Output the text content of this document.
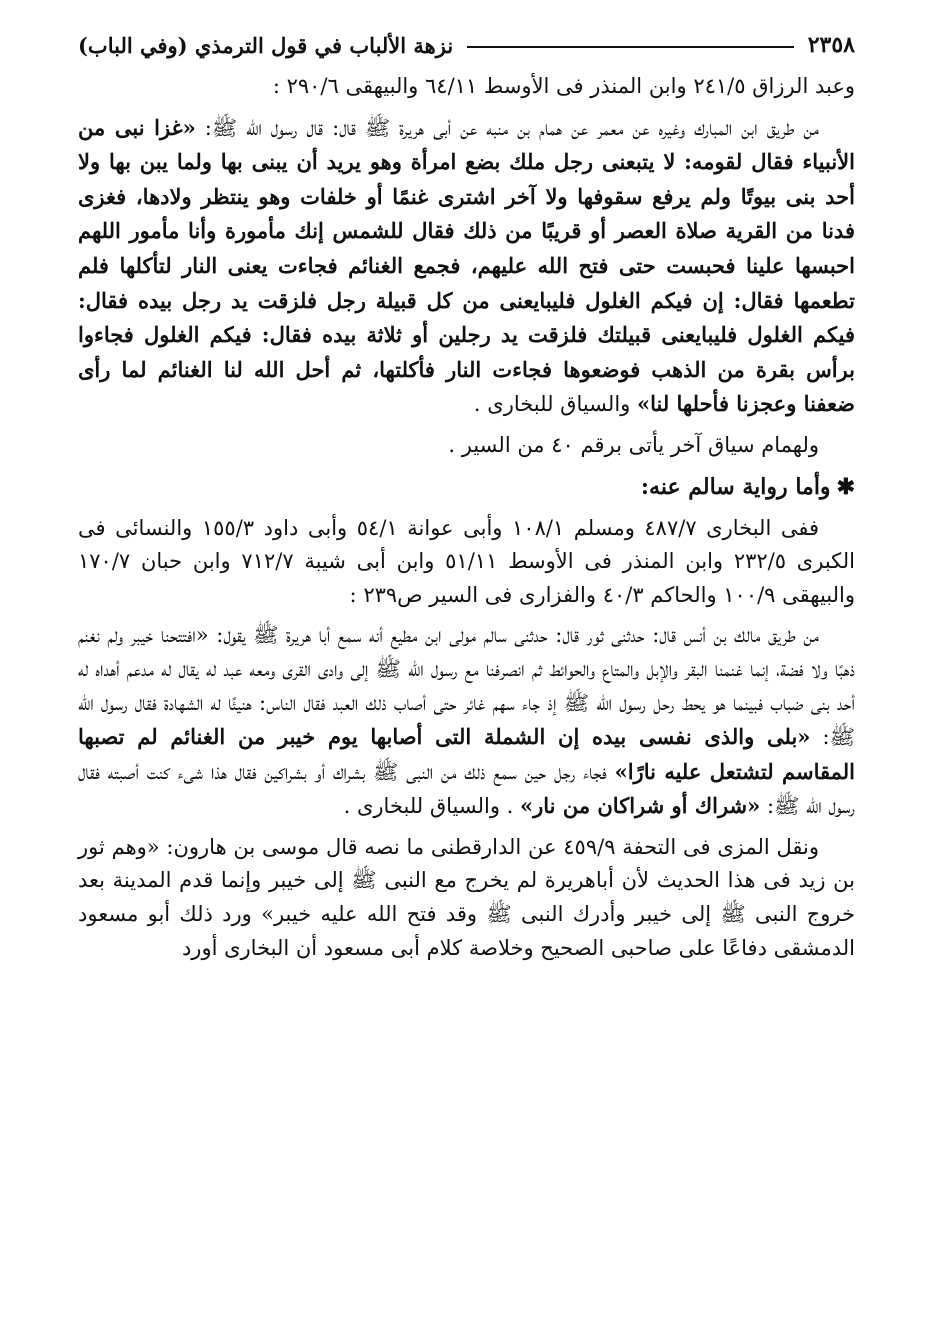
٢٣٥٨
نزهة الألباب في قول الترمذي (وفي الباب)

وعبد الرزاق ٢٤١/٥ وابن المنذر فى الأوسط ٦٤/١١ والبيهقى ٢٩٠/٦ :

من طريق ابن المبارك وغيره عن معمر عن همام بن منبه عن أبى هريرة ﷺ قال: قال رسول الله ﷺ: «غزا نبى من الأنبياء فقال لقومه: لا يتبعنى رجل ملك بضع امرأة وهو يريد أن يبنى بها ولما يبن بها ولا أحد بنى بيوتًا ولم يرفع سقوفها ولا آخر اشترى غنمًا أو خلفات وهو ينتظر ولادها، فغزى فدنا من القرية صلاة العصر أو قريبًا من ذلك فقال للشمس إنك مأمورة وأنا مأمور اللهم احبسها علينا فحبست حتى فتح الله عليهم، فجمع الغنائم فجاءت يعنى النار لتأكلها فلم تطعمها فقال: إن فيكم الغلول فليبايعنى من كل قبيلة رجل فلزقت يد رجل بيده فقال: فيكم الغلول فليبايعنى قبيلتك فلزقت يد رجلين أو ثلاثة بيده فقال: فيكم الغلول فجاءوا برأس بقرة من الذهب فوضعوها فجاءت النار فأكلتها، ثم أحل الله لنا الغنائم لما رأى ضعفنا وعجزنا فأحلها لنا» والسياق للبخارى .

ولهمام سياق آخر يأتى برقم ٤٠ من السير .

✱وأما رواية سالم عنه:

ففى البخارى ٤٨٧/٧ ومسلم ١٠٨/١ وأبى عوانة ٥٤/١ وأبى داود ١٥٥/٣ والنسائى فى الكبرى ٢٣٢/٥ وابن المنذر فى الأوسط ٥١/١١ وابن أبى شيبة ٧١٢/٧ وابن حبان ١٧٠/٧ والبيهقى ١٠٠/٩ والحاكم ٤٠/٣ والفزارى فى السير ص٢٣٩ :

من طريق مالك بن أنس قال: حدثنى ثور قال: حدثنى سالم مولى ابن مطيع أنه سمع أبا هريرة ﷺ يقول: «افتتحنا خيبر ولم نغنم ذهبًا ولا فضة، إنما غنمنا البقر والإبل والمتاع والحوائط ثم انصرفنا مع رسول الله ﷺ إلى وادى القرى ومعه عبد له يقال له مدعم أهداه له أحد بنى ضباب فبينما هو يحط رحل رسول الله ﷺ إذ جاء سهم غائر حتى أصاب ذلك العبد فقال الناس: هنيئًا له الشهادة فقال رسول الله ﷺ: «بلى والذى نفسى بيده إن الشملة التى أصابها يوم خيبر من الغنائم لم تصبها المقاسم لتشتعل عليه نارًا» فجاء رجل حين سمع ذلك من النبى ﷺ بشراك أو بشراكين فقال هذا شىء كنت أصبته فقال رسول الله ﷺ: «شراك أو شراكان من نار» . والسياق للبخارى .

ونقل المزى فى التحفة ٤٥٩/٩ عن الدارقطنى ما نصه قال موسى بن هارون: «وهم ثور بن زيد فى هذا الحديث لأن أباهريرة لم يخرج مع النبى ﷺ إلى خيبر وإنما قدم المدينة بعد خروج النبى ﷺ إلى خيبر وأدرك النبى ﷺ وقد فتح الله عليه خيبر» ورد ذلك أبو مسعود الدمشقى دفاعًا على صاحبى الصحيح وخلاصة كلام أبى مسعود أن البخارى أورد
